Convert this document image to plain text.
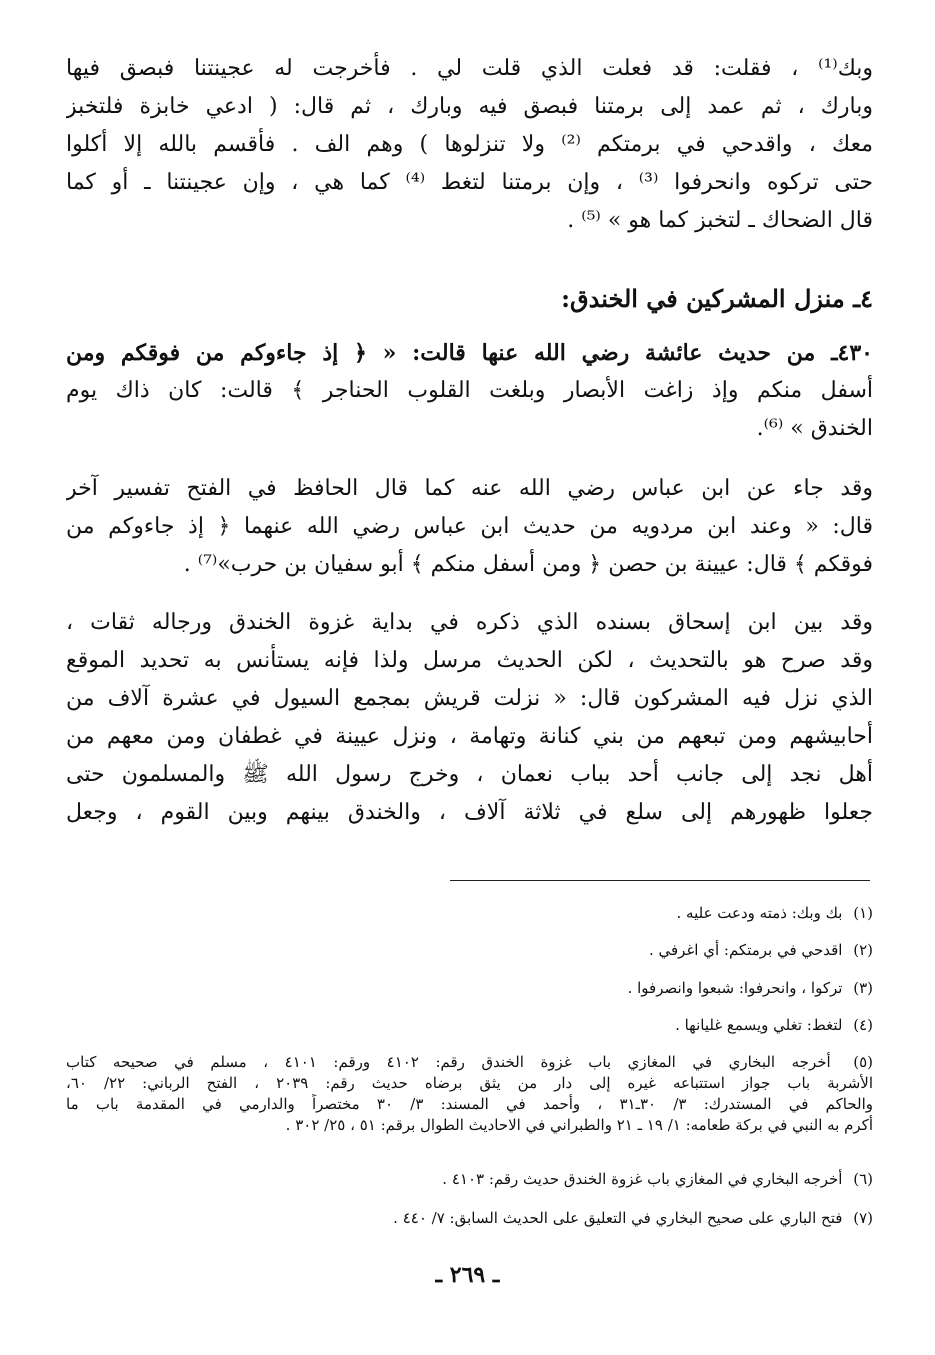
وبك⁽¹⁾ ، فقلت: قد فعلت الذي قلت لي . فأخرجت له عجينتنا فبصق فيها
وبارك ، ثم عمد إلى برمتنا فبصق فيه وبارك ، ثم قال: ( ادعي خابزة فلتخبز
معك ، واقدحي في برمتكم ⁽²⁾ ولا تنزلوها ) وهم الف . فأقسم بالله إلا أكلوا
حتى تركوه وانحرفوا ⁽³⁾ ، وإن برمتنا لتغط ⁽⁴⁾ كما هي ، وإن عجينتنا ـ أو كما
قال الضحاك ـ لتخبز كما هو » ⁽⁵⁾ .
٤ـ منزل المشركين في الخندق:
٤٣٠ـ من حديث عائشة رضي الله عنها قالت: « ﴿ إذ جاءوكم من فوقكم ومن
أسفل منكم وإذ زاغت الأبصار وبلغت القلوب الحناجر ﴾ قالت: كان ذاك يوم
الخندق » ⁽⁶⁾.
وقد جاء عن ابن عباس رضي الله عنه كما قال الحافظ في الفتح تفسير آخر
قال: « وعند ابن مردويه من حديث ابن عباس رضي الله عنهما ﴿ إذ جاءوكم من
فوقكم ﴾ قال: عيينة بن حصن ﴿ ومن أسفل منكم ﴾ أبو سفيان بن حرب»⁽⁷⁾ .
وقد بين ابن إسحاق بسنده الذي ذكره في بداية غزوة الخندق ورجاله ثقات ،
وقد صرح هو بالتحديث ، لكن الحديث مرسل ولذا فإنه يستأنس به تحديد الموقع
الذي نزل فيه المشركون قال: « نزلت قريش بمجمع السيول في عشرة آلاف من
أحابيشهم ومن تبعهم من بني كنانة وتهامة ، ونزل عيينة في غطفان ومن معهم من
أهل نجد إلى جانب أحد بباب نعمان ، وخرج رسول الله ﷺ والمسلمون حتى
جعلوا ظهورهم إلى سلع في ثلاثة آلاف ، والخندق بينهم وبين القوم ، وجعل
(١) بك وبك: ذمته ودعت عليه .
(٢) اقدحي في برمتكم: أي اغرفي .
(٣) تركوا ، وانحرفوا: شبعوا وانصرفوا .
(٤) لتغط: تغلي ويسمع غليانها .
(٥) أخرجه البخاري في المغازي باب غزوة الخندق رقم: ٤١٠٢ ورقم: ٤١٠١ ، مسلم في صحيحه كتاب
الأشربة باب جواز استتباعه غيره إلى دار من يثق برضاه حديث رقم: ٢٠٣٩ ، الفتح الرباني: ٢٢/ ٦٠،
والحاكم في المستدرك: ٣/ ٣٠ـ٣١ ، وأحمد في المسند: ٣/ ٣٠ مختصراً والدارمي في المقدمة باب ما
أكرم به النبي في بركة طعامه: ١/ ١٩ ـ ٢١ والطبراني في الاحاديث الطوال برقم: ٥١ ، ٢٥/ ٣٠٢ .
(٦) أخرجه البخاري في المغازي باب غزوة الخندق حديث رقم: ٤١٠٣ .
(٧) فتح الباري على صحيح البخاري في التعليق على الحديث السابق: ٧/ ٤٤٠ .
ـ ٢٦٩ ـ
